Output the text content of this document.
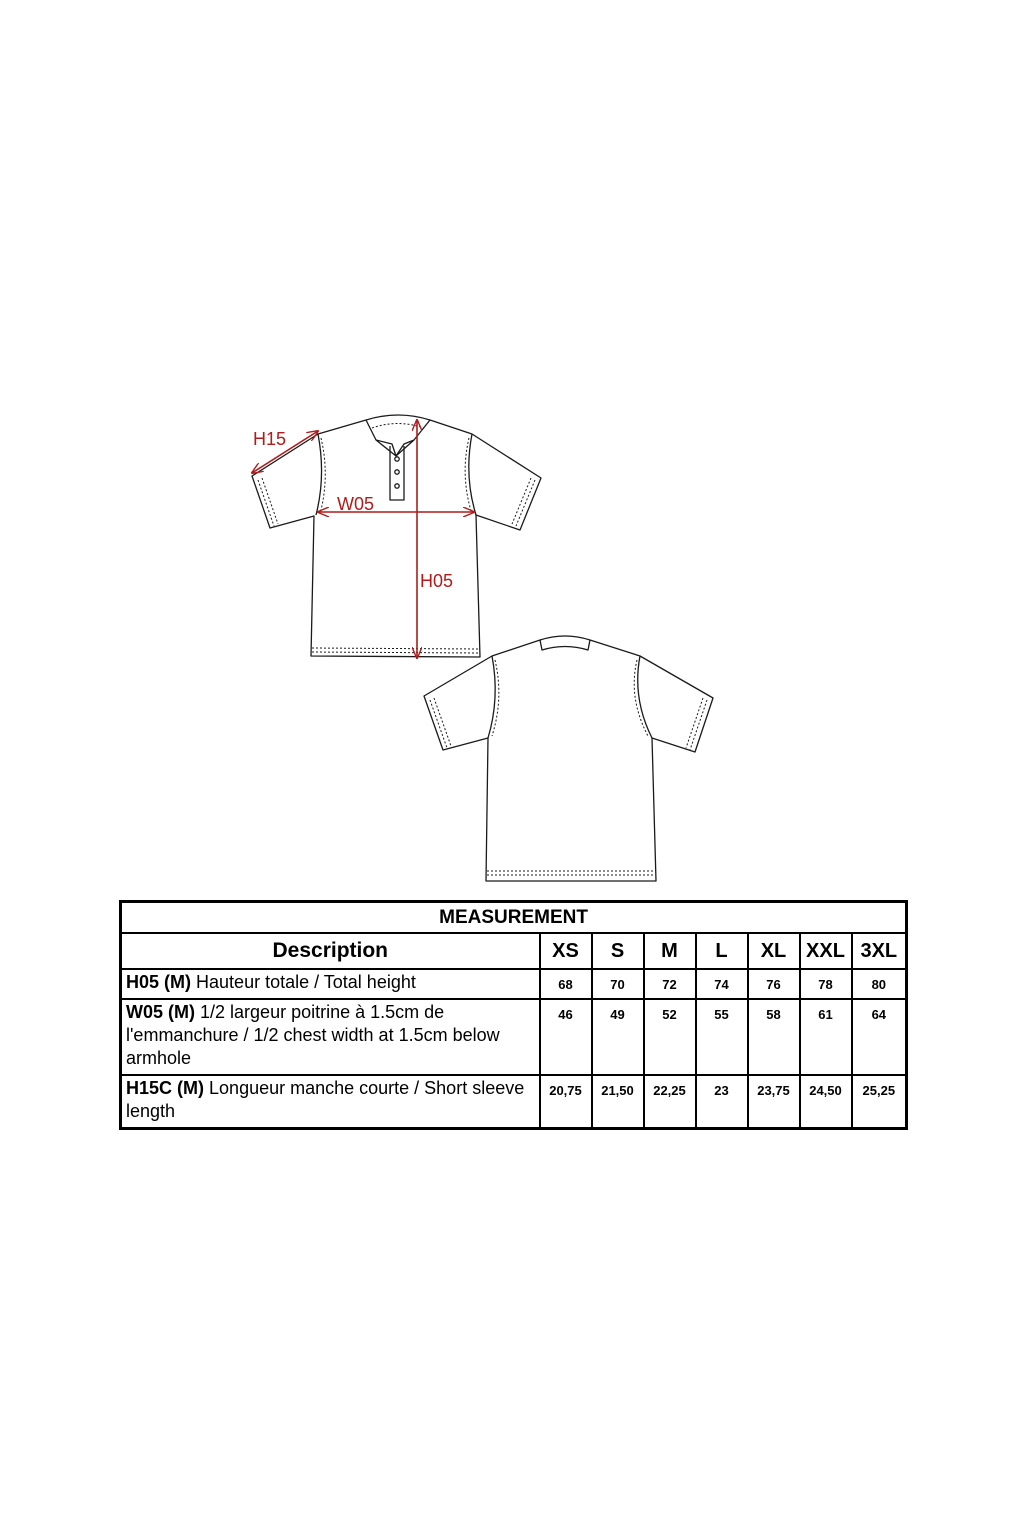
H15
W05
H05
MEASUREMENT							
Description	XS	S	M	L	XL	XXL	3XL
H05 (M) Hauteur totale / Total height	68	70	72	74	76	78	80
W05 (M) 1/2 largeur poitrine à 1.5cm de l'emmanchure / 1/2 chest width at 1.5cm below armhole	46	49	52	55	58	61	64
H15C (M) Longueur manche courte / Short sleeve length	20,75	21,50	22,25	23	23,75	24,50	25,25
